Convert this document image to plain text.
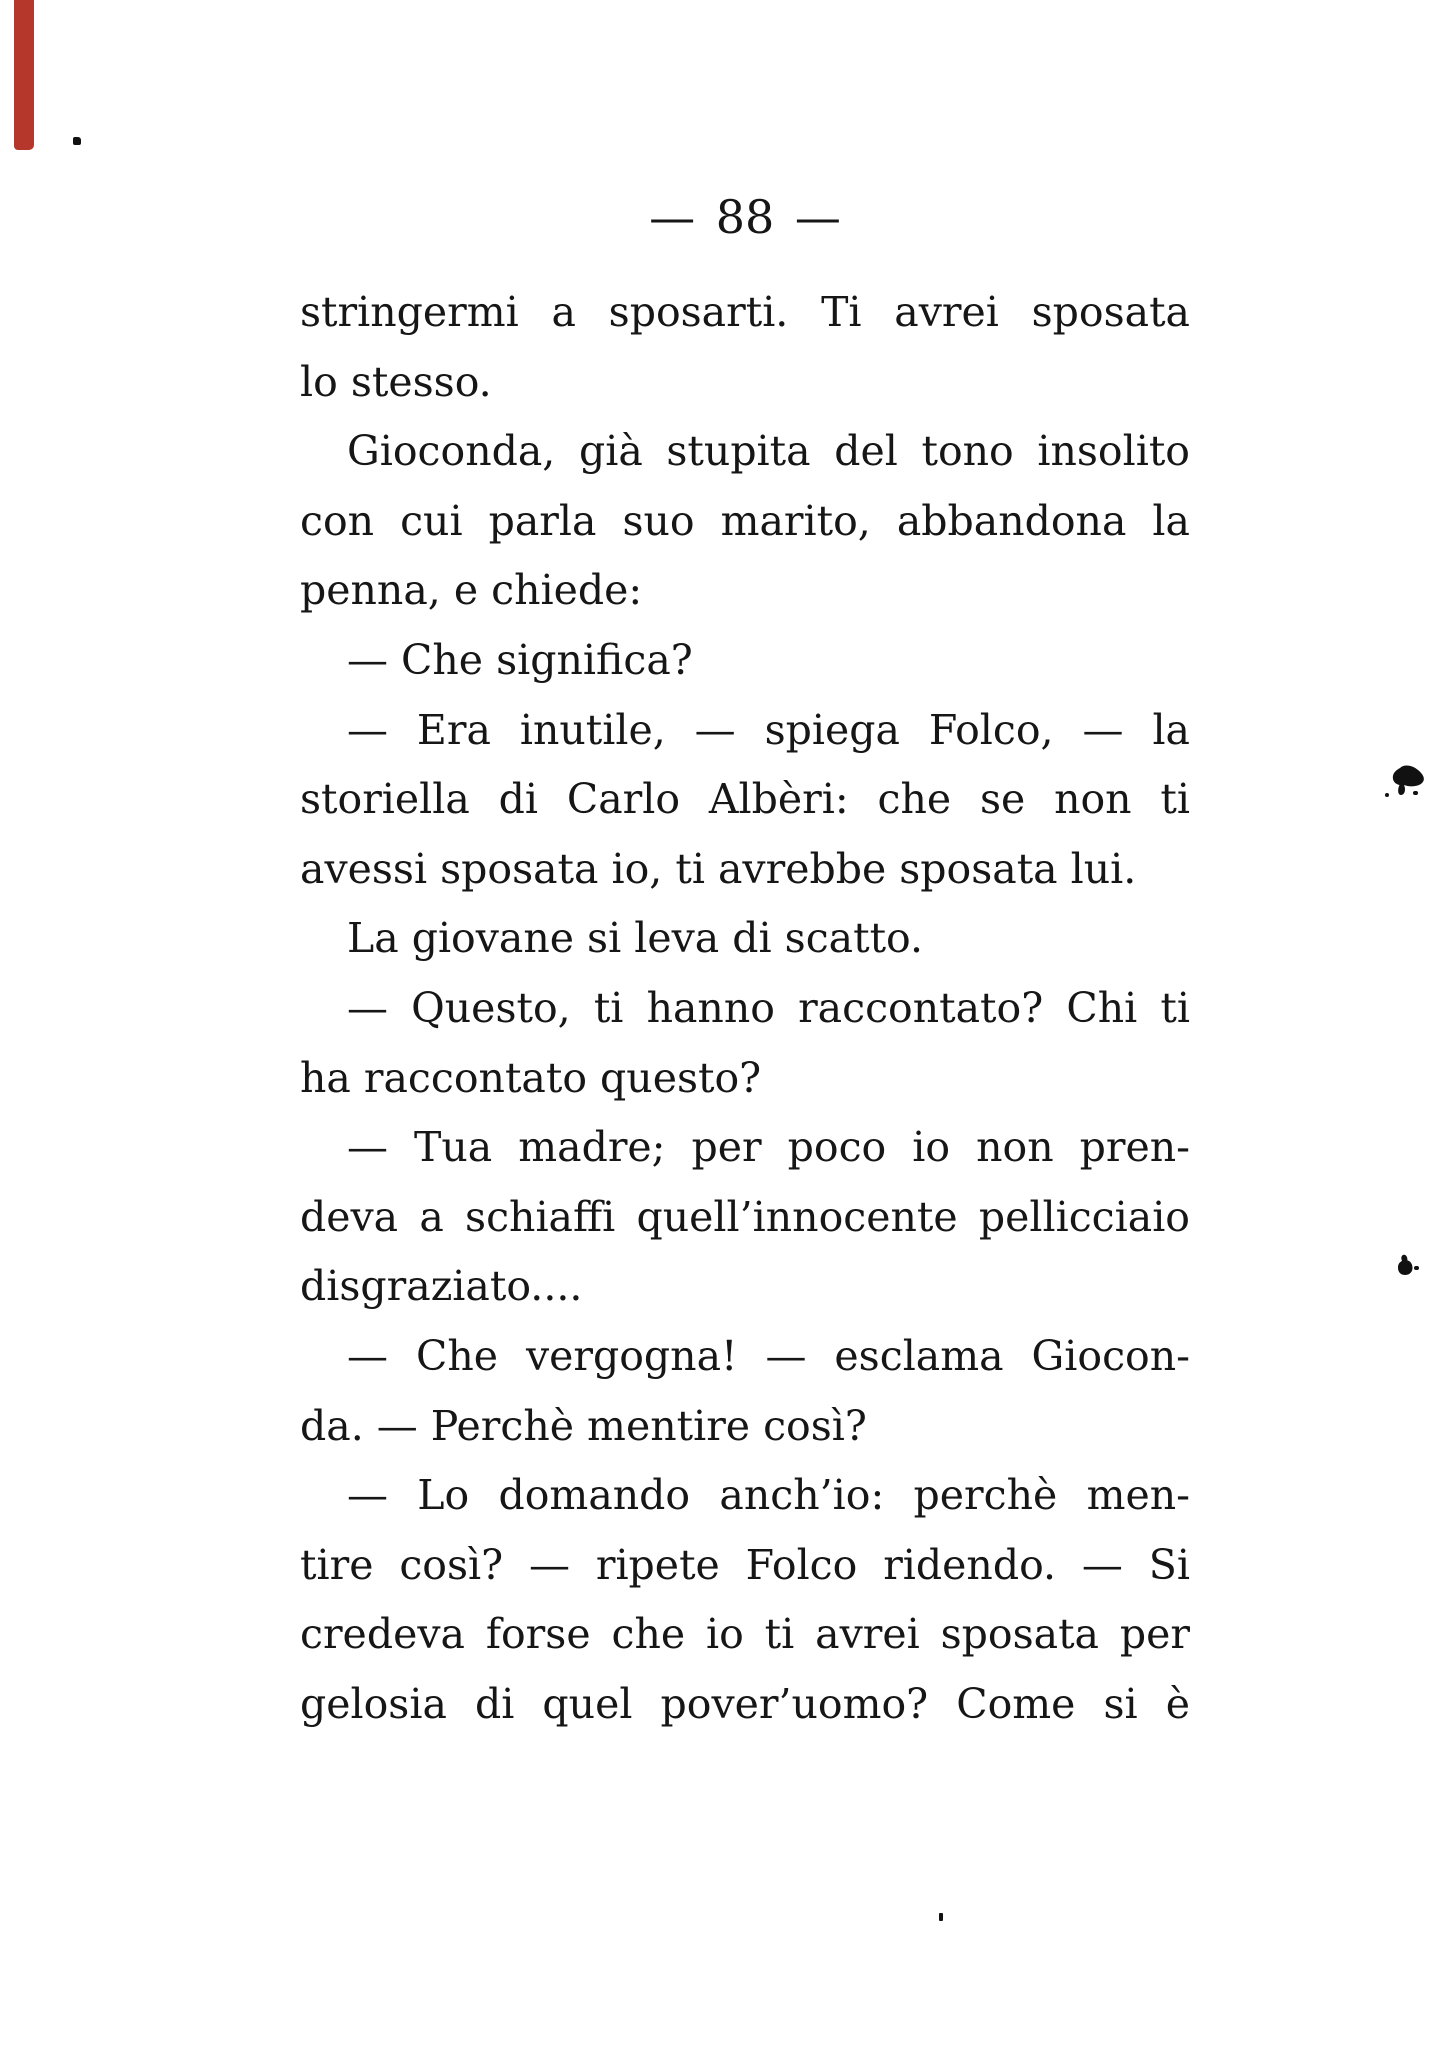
— 88 —
stringermi a sposarti. Ti avrei sposata
lo stesso.
Gioconda, già stupita del tono insolito
con cui parla suo marito, abbandona la
penna, e chiede:
— Che significa?
— Era inutile, — spiega Folco, — la
storiella di Carlo Albèri: che se non ti
avessi sposata io, ti avrebbe sposata lui.
La giovane si leva di scatto.
— Questo, ti hanno raccontato? Chi ti
ha raccontato questo?
— Tua madre; per poco io non pren-
deva a schiaffi quell’innocente pellicciaio
disgraziato....
— Che vergogna! — esclama Giocon-
da. — Perchè mentire così?
— Lo domando anch’io: perchè men-
tire così? — ripete Folco ridendo. — Si
credeva forse che io ti avrei sposata per
gelosia di quel pover’uomo? Come si è
